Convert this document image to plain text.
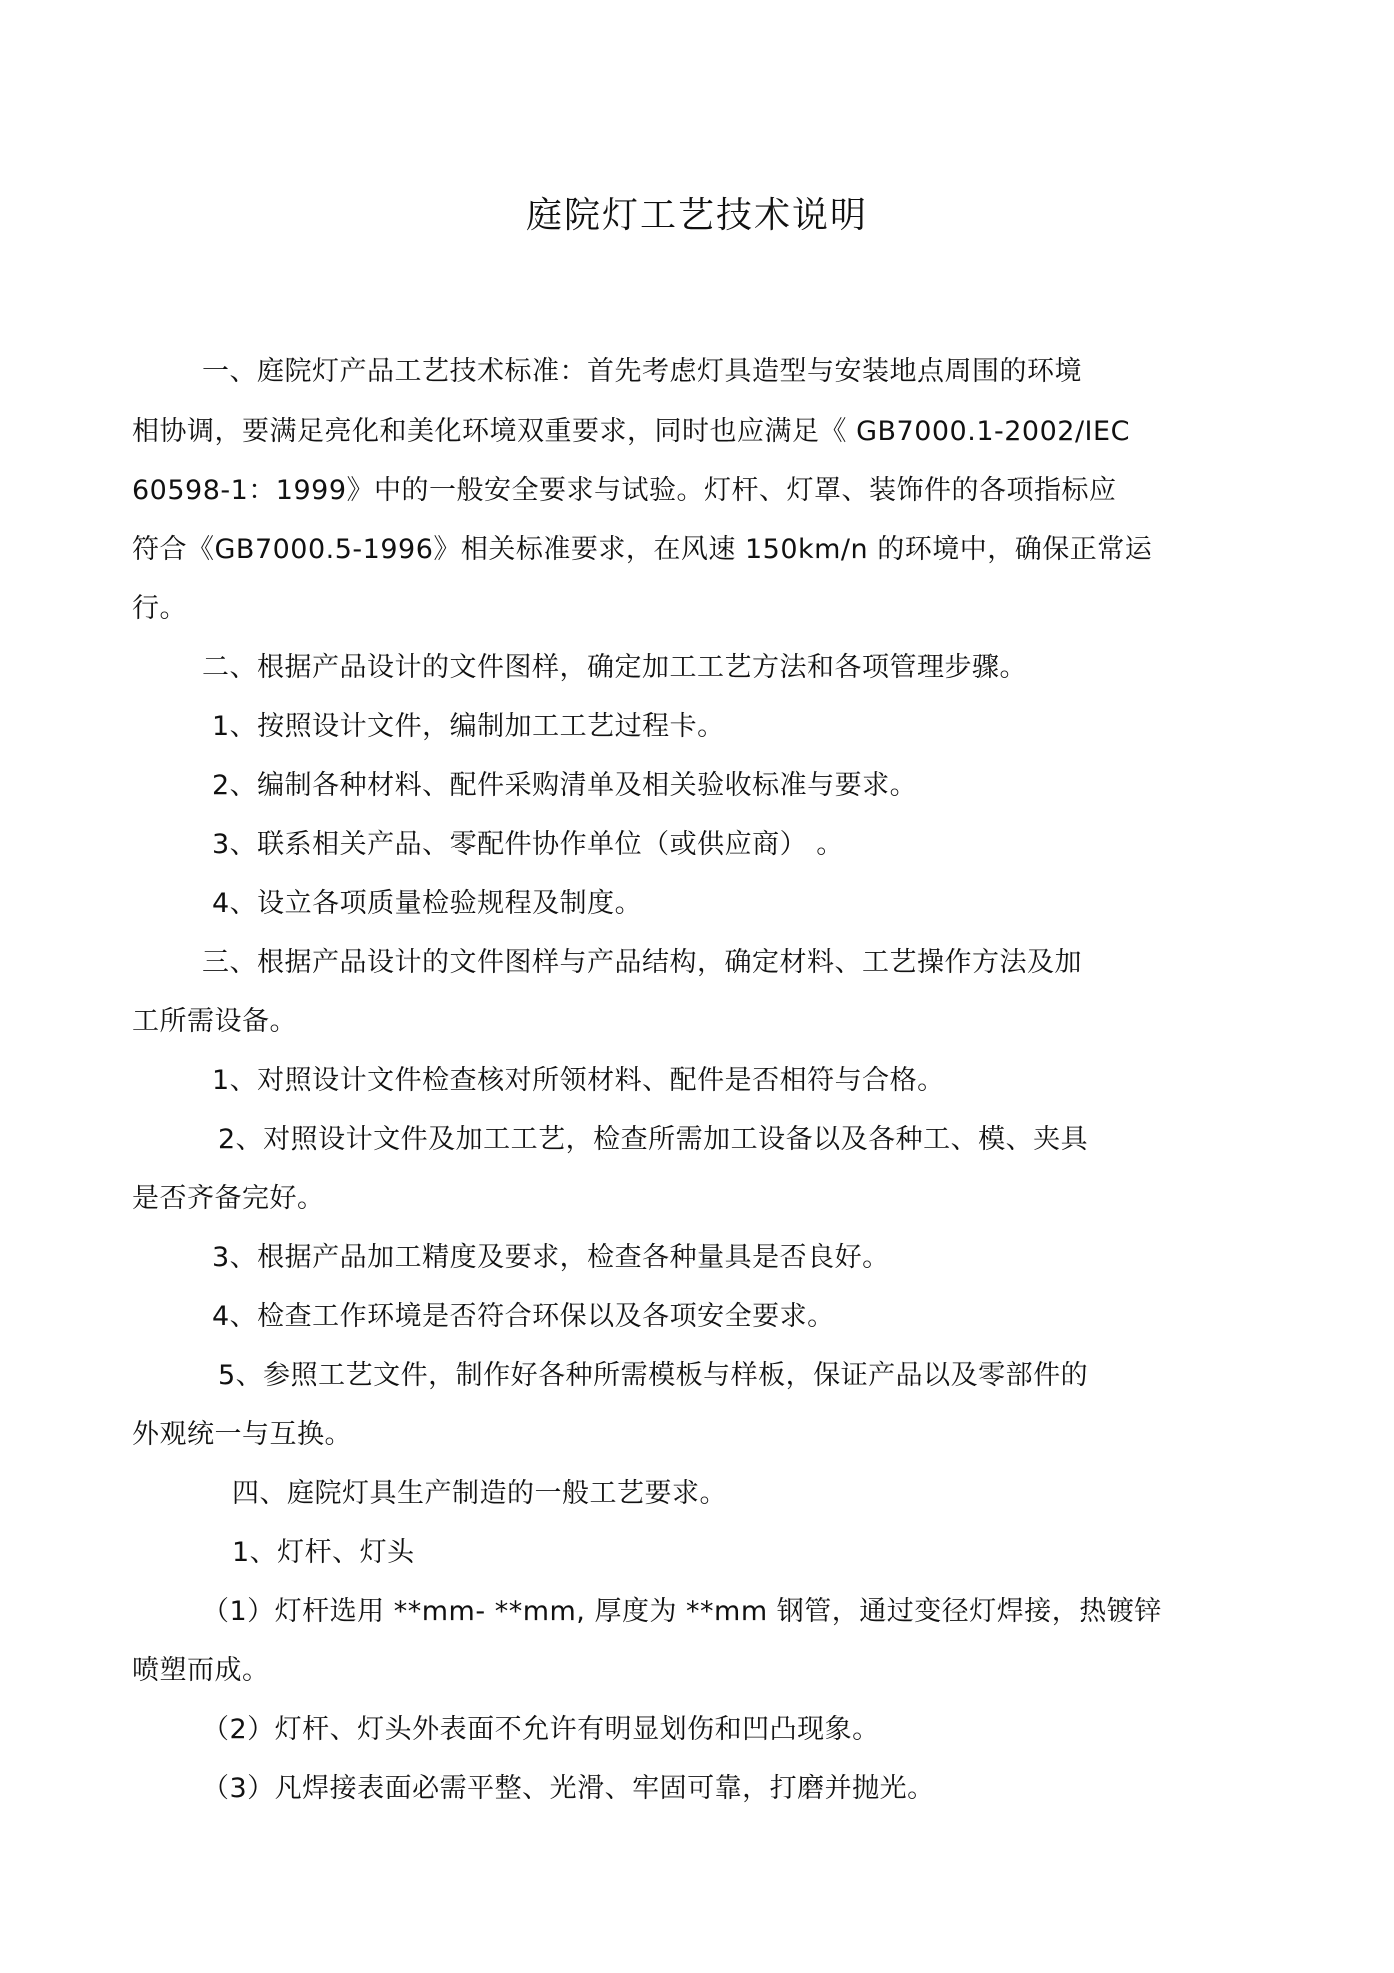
庭院灯工艺技术说明
一、庭院灯产品工艺技术标准：首先考虑灯具造型与安装地点周围的环境
相协调，要满足亮化和美化环境双重要求，同时也应满足《 GB7000.1-2002/IEC
60598-1：1999》中的一般安全要求与试验。灯杆、灯罩、装饰件的各项指标应
符合《GB7000.5-1996》相关标准要求，在风速 150km/n 的环境中，确保正常运
行。
二、根据产品设计的文件图样，确定加工工艺方法和各项管理步骤。
1、按照设计文件，编制加工工艺过程卡。
2、编制各种材料、配件采购清单及相关验收标准与要求。
3、联系相关产品、零配件协作单位（或供应商） 。
4、设立各项质量检验规程及制度。
三、根据产品设计的文件图样与产品结构，确定材料、工艺操作方法及加
工所需设备。
1、对照设计文件检查核对所领材料、配件是否相符与合格。
2、对照设计文件及加工工艺，检查所需加工设备以及各种工、模、夹具
是否齐备完好。
3、根据产品加工精度及要求，检查各种量具是否良好。
4、检查工作环境是否符合环保以及各项安全要求。
5、参照工艺文件，制作好各种所需模板与样板，保证产品以及零部件的
外观统一与互换。
四、庭院灯具生产制造的一般工艺要求。
1、灯杆、灯头
（1）灯杆选用 **mm- **mm, 厚度为 **mm 钢管，通过变径灯焊接，热镀锌
喷塑而成。
（2）灯杆、灯头外表面不允许有明显划伤和凹凸现象。
（3）凡焊接表面必需平整、光滑、牢固可靠，打磨并抛光。
